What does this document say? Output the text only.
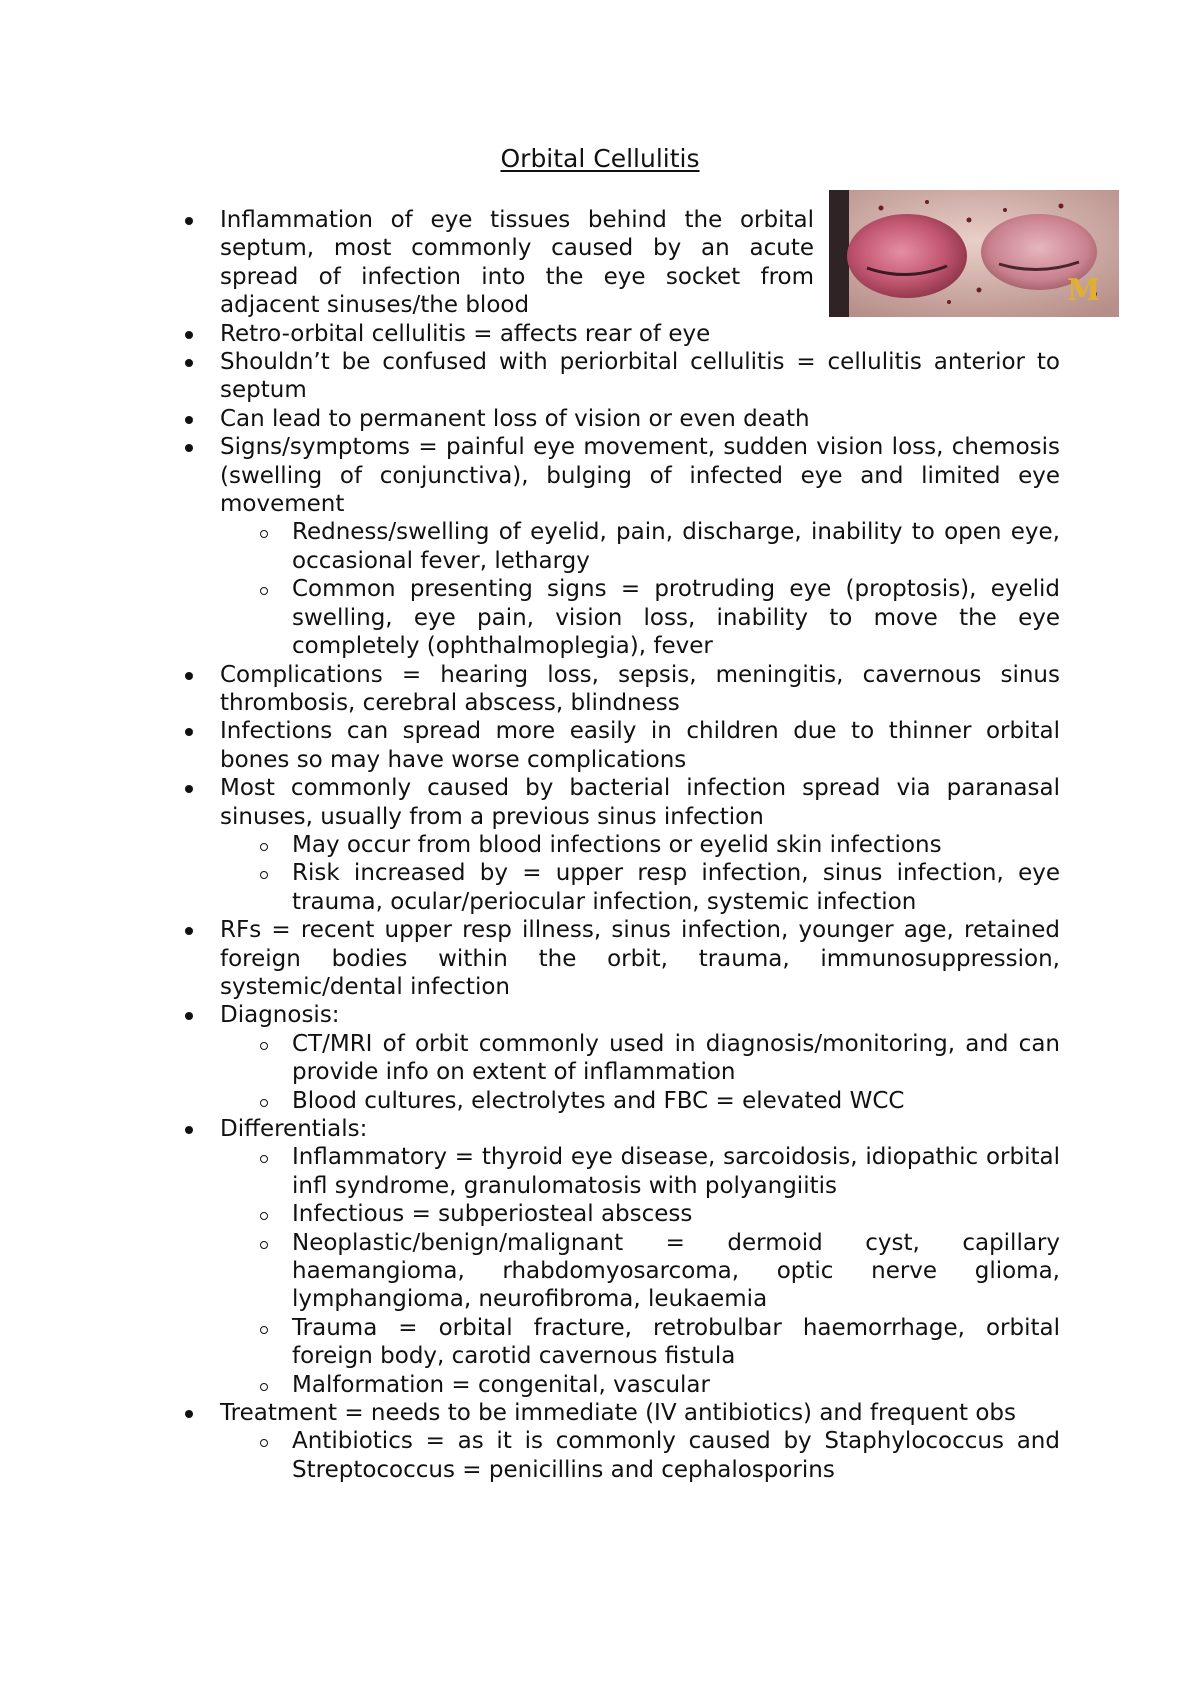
Orbital Cellulitis
M
Inflammation of eye tissues behind the orbital septum, most commonly caused by an acute spread of infection into the eye socket from adjacent sinuses/the blood
Retro-orbital cellulitis = affects rear of eye
Shouldn’t be confused with periorbital cellulitis = cellulitis anterior to septum
Can lead to permanent loss of vision or even death
Signs/symptoms = painful eye movement, sudden vision loss, chemosis (swelling of conjunctiva), bulging of infected eye and limited eye movement
Redness/swelling of eyelid, pain, discharge, inability to open eye, occasional fever, lethargy
Common presenting signs = protruding eye (proptosis), eyelid swelling, eye pain, vision loss, inability to move the eye completely (ophthalmoplegia), fever
Complications = hearing loss, sepsis, meningitis, cavernous sinus thrombosis, cerebral abscess, blindness
Infections can spread more easily in children due to thinner orbital bones so may have worse complications
Most commonly caused by bacterial infection spread via paranasal sinuses, usually from a previous sinus infection
May occur from blood infections or eyelid skin infections
Risk increased by = upper resp infection, sinus infection, eye trauma, ocular/periocular infection, systemic infection
RFs = recent upper resp illness, sinus infection, younger age, retained foreign bodies within the orbit, trauma, immunosuppression, systemic/dental infection
Diagnosis:
CT/MRI of orbit commonly used in diagnosis/monitoring, and can provide info on extent of inflammation
Blood cultures, electrolytes and FBC = elevated WCC
Differentials:
Inflammatory = thyroid eye disease, sarcoidosis, idiopathic orbital infl syndrome, granulomatosis with polyangiitis
Infectious = subperiosteal abscess
Neoplastic/benign/malignant = dermoid cyst, capillary haemangioma, rhabdomyosarcoma, optic nerve glioma, lymphangioma, neurofibroma, leukaemia
Trauma = orbital fracture, retrobulbar haemorrhage, orbital foreign body, carotid cavernous fistula
Malformation = congenital, vascular
Treatment = needs to be immediate (IV antibiotics) and frequent obs
Antibiotics = as it is commonly caused by Staphylococcus and Streptococcus = penicillins and cephalosporins
